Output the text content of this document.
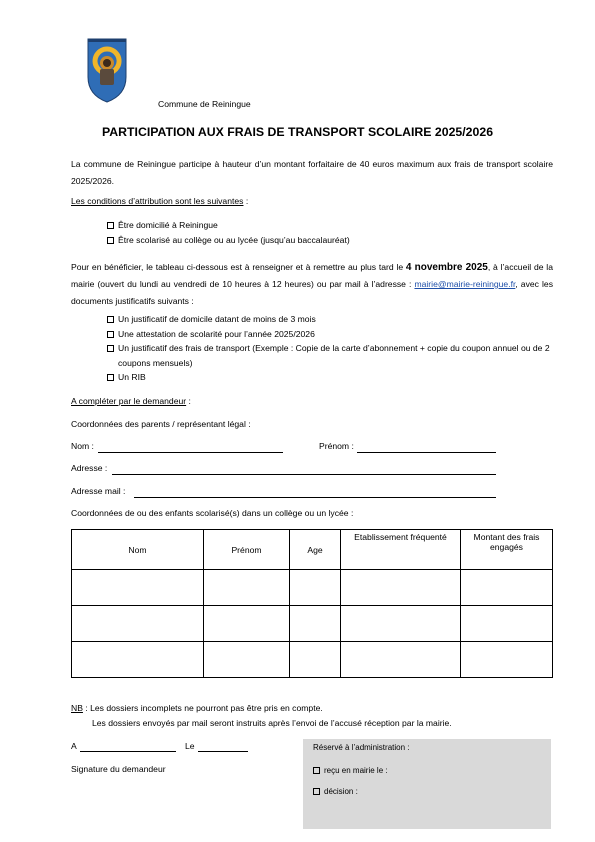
Commune de Reiningue
PARTICIPATION AUX FRAIS DE TRANSPORT SCOLAIRE 2025/2026
La commune de Reiningue participe à hauteur d’un montant forfaitaire de 40 euros maximum aux frais de transport scolaire 2025/2026.
Les conditions d’attribution sont les suivantes :
Être domicilié à Reiningue
Être scolarisé au collège ou au lycée (jusqu’au baccalauréat)
Pour en bénéficier, le tableau ci-dessous est à renseigner et à remettre au plus tard le 4 novembre 2025, à l’accueil de la mairie (ouvert du lundi au vendredi de 10 heures à 12 heures) ou par mail à l’adresse : mairie@mairie-reiningue.fr, avec les documents justificatifs suivants :
Un justificatif de domicile datant de moins de 3 mois
Une attestation de scolarité pour l’année 2025/2026
Un justificatif des frais de transport (Exemple : Copie de la carte d’abonnement + copie du coupon annuel ou de 2 coupons mensuels)
Un RIB
A compléter par le demandeur :
Coordonnées des parents / représentant légal :
Nom :	Prénom :
Adresse :
Adresse mail :
Coordonnées de ou des enfants scolarisé(s) dans un collège ou un lycée :
Nom	Prénom	Age	Etablissement fréquenté	Montant des frais engagés

NB : Les dossiers incomplets ne pourront pas être pris en compte.
Les dossiers envoyés par mail seront instruits après l’envoi de l’accusé réception par la mairie.
A	Le
Signature du demandeur
Réservé à l’administration :
reçu en mairie le :
décision :
